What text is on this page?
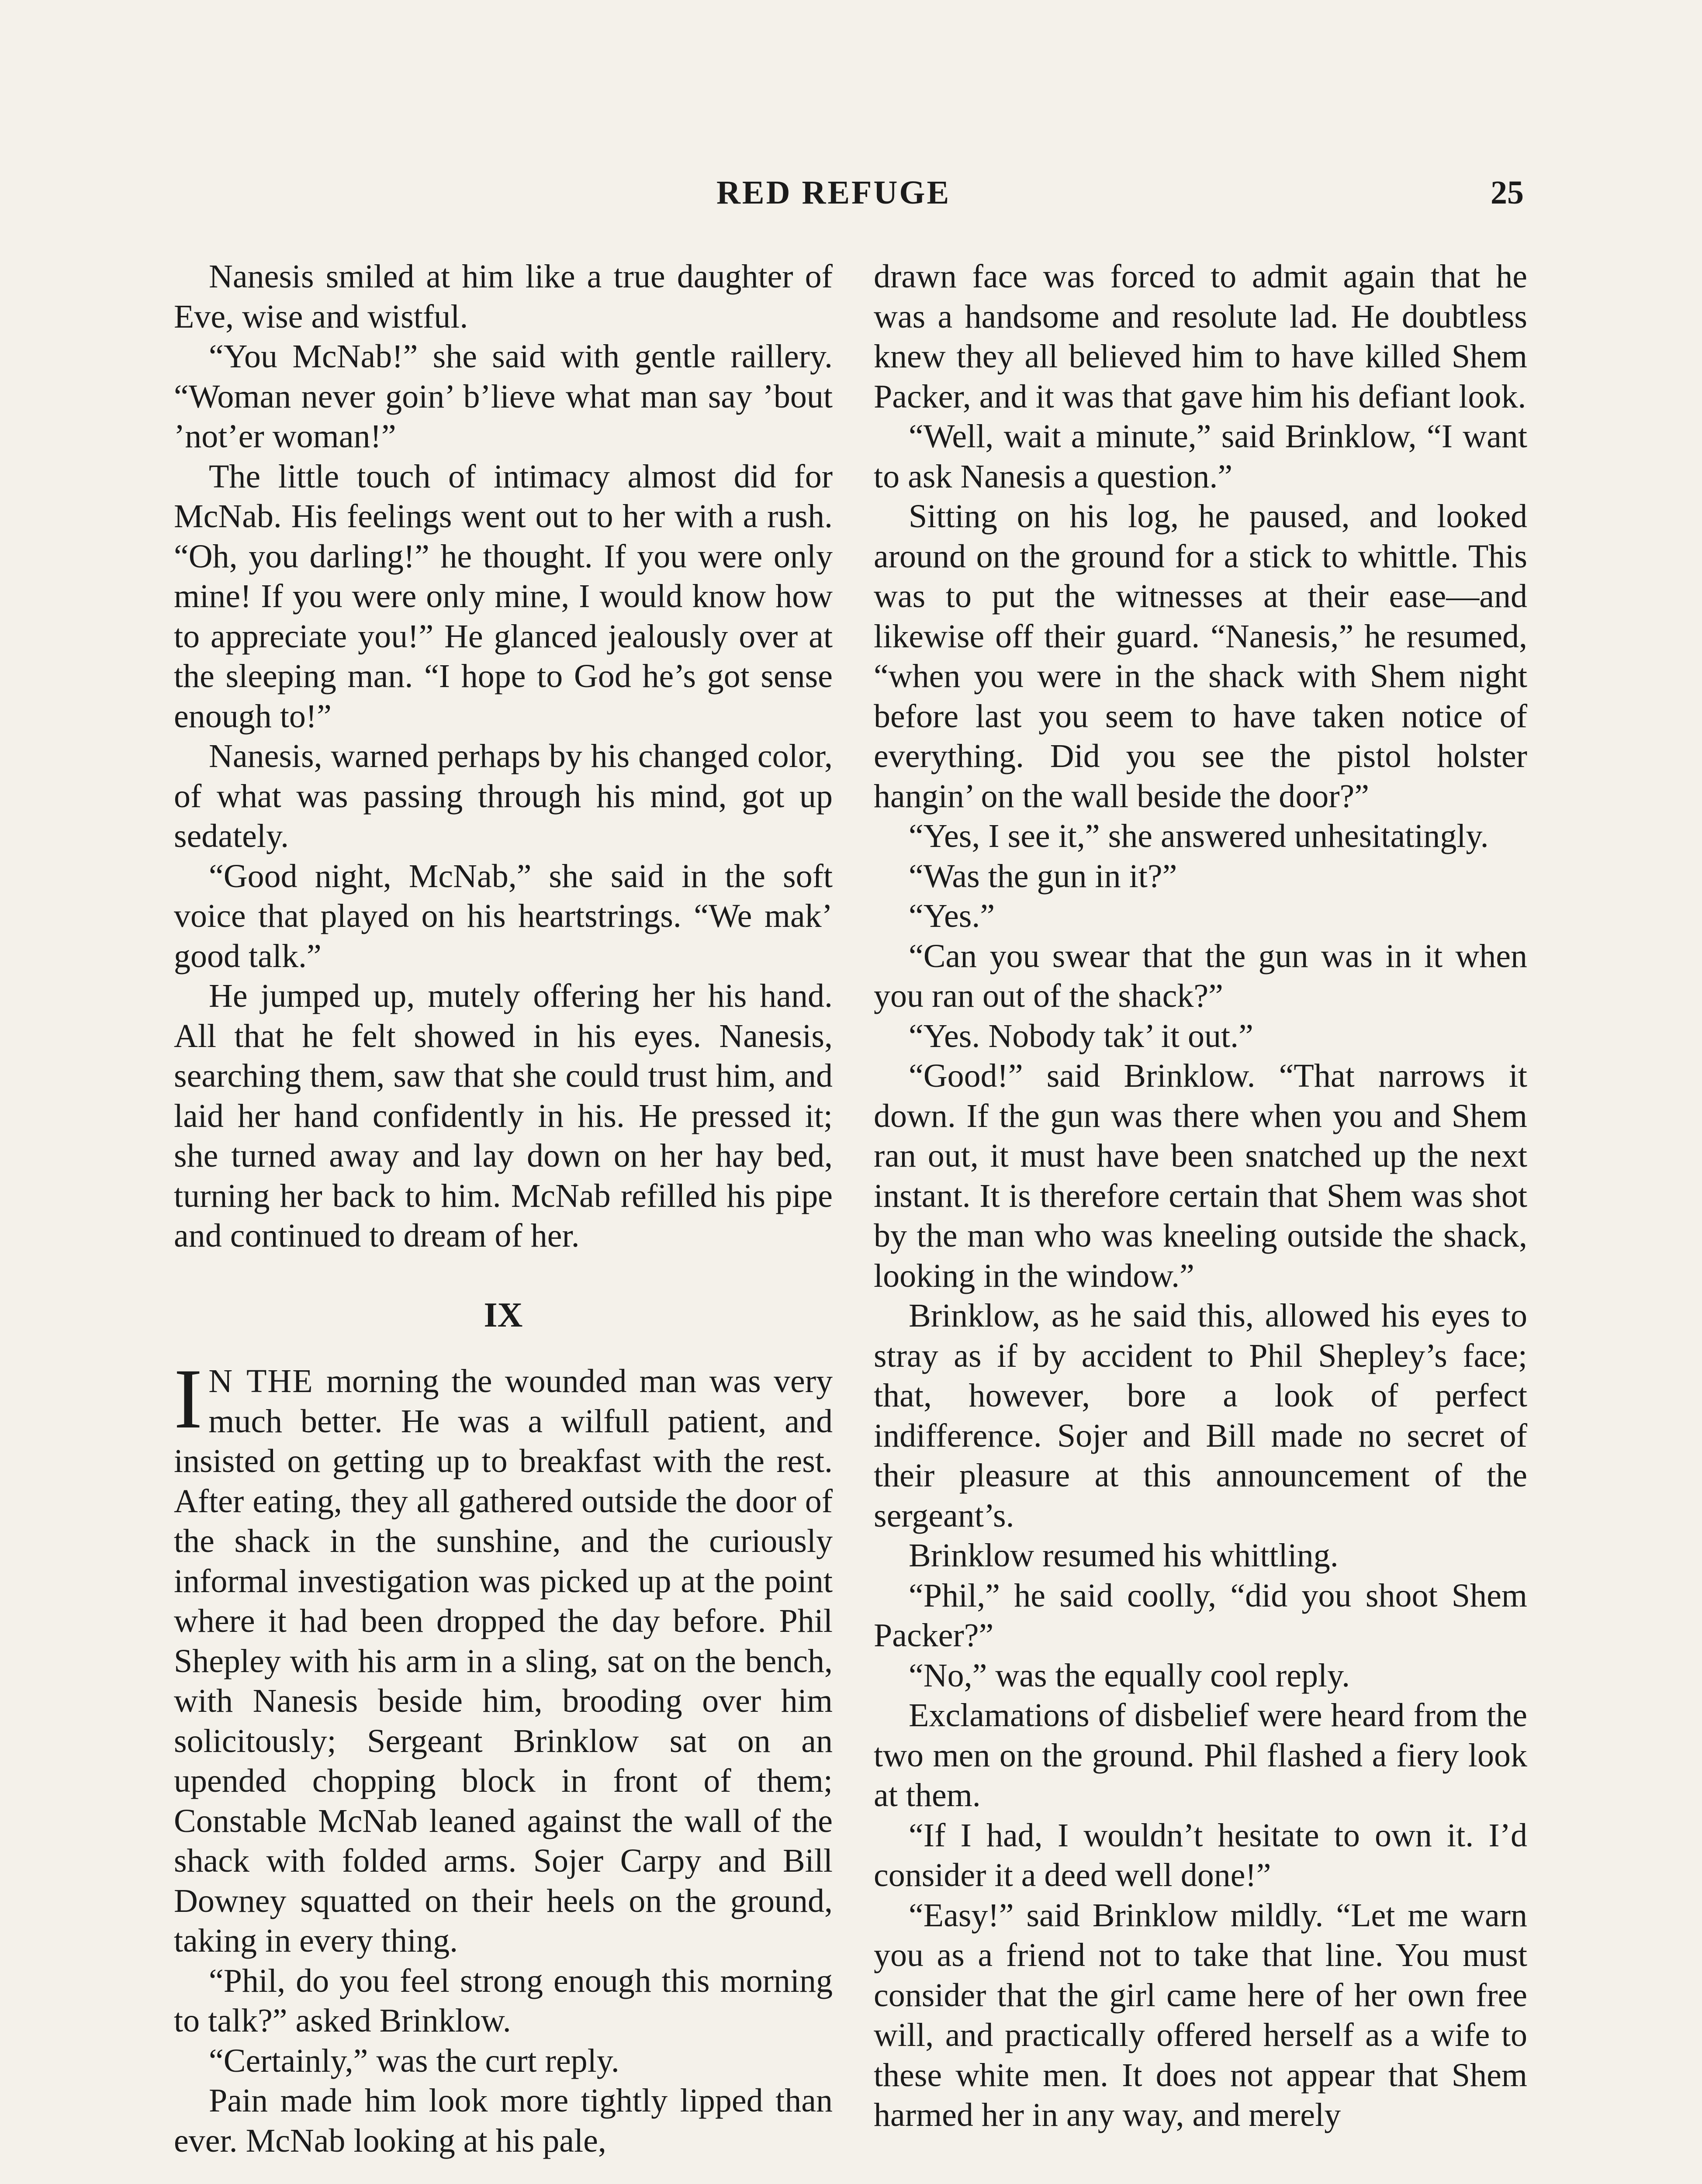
RED REFUGE	25

Nanesis smiled at him like a true daughter of Eve, wise and wistful.

“You McNab!” she said with gentle raillery. “Woman never goin’ b’lieve what man say ’bout ’not’er woman!”

The little touch of intimacy almost did for McNab. His feelings went out to her with a rush. “Oh, you darling!” he thought. If you were only mine! If you were only mine, I would know how to appreciate you!” He glanced jealously over at the sleeping man. “I hope to God he’s got sense enough to!”

Nanesis, warned perhaps by his changed color, of what was passing through his mind, got up sedately.

“Good night, McNab,” she said in the soft voice that played on his heartstrings. “We mak’ good talk.”

He jumped up, mutely offering her his hand. All that he felt showed in his eyes. Nanesis, searching them, saw that she could trust him, and laid her hand confidently in his. He pressed it; she turned away and lay down on her hay bed, turning her back to him. McNab refilled his pipe and continued to dream of her.

IX

I N THE morning the wounded man was very much better. He was a wilfull patient, and insisted on getting up to breakfast with the rest. After eating, they all gathered outside the door of the shack in the sunshine, and the curiously informal investigation was picked up at the point where it had been dropped the day before. Phil Shepley with his arm in a sling, sat on the bench, with Nanesis beside him, brooding over him solicitously; Sergeant Brinklow sat on an upended chopping block in front of them; Constable McNab leaned against the wall of the shack with folded arms. Sojer Carpy and Bill Downey squatted on their heels on the ground, taking in every thing.

“Phil, do you feel strong enough this morning to talk?” asked Brinklow.

“Certainly,” was the curt reply.

Pain made him look more tightly lipped than ever. McNab looking at his pale,

drawn face was forced to admit again that he was a handsome and resolute lad. He doubtless knew they all believed him to have killed Shem Packer, and it was that gave him his defiant look.

“Well, wait a minute,” said Brinklow, “I want to ask Nanesis a question.”

Sitting on his log, he paused, and looked around on the ground for a stick to whittle. This was to put the witnesses at their ease—and likewise off their guard. “Nanesis,” he resumed, “when you were in the shack with Shem night before last you seem to have taken notice of everything. Did you see the pistol holster hangin’ on the wall beside the door?”

“Yes, I see it,” she answered unhesitatingly.

“Was the gun in it?”

“Yes.”

“Can you swear that the gun was in it when you ran out of the shack?”

“Yes. Nobody tak’ it out.”

“Good!” said Brinklow. “That narrows it down. If the gun was there when you and Shem ran out, it must have been snatched up the next instant. It is therefore certain that Shem was shot by the man who was kneeling outside the shack, looking in the window.”

Brinklow, as he said this, allowed his eyes to stray as if by accident to Phil Shepley’s face; that, however, bore a look of perfect indifference. Sojer and Bill made no secret of their pleasure at this announcement of the sergeant’s.

Brinklow resumed his whittling.

“Phil,” he said coolly, “did you shoot Shem Packer?”

“No,” was the equally cool reply.

Exclamations of disbelief were heard from the two men on the ground. Phil flashed a fiery look at them.

“If I had, I wouldn’t hesitate to own it. I’d consider it a deed well done!”

“Easy!” said Brinklow mildly. “Let me warn you as a friend not to take that line. You must consider that the girl came here of her own free will, and practically offered herself as a wife to these white men. It does not appear that Shem harmed her in any way, and merely
